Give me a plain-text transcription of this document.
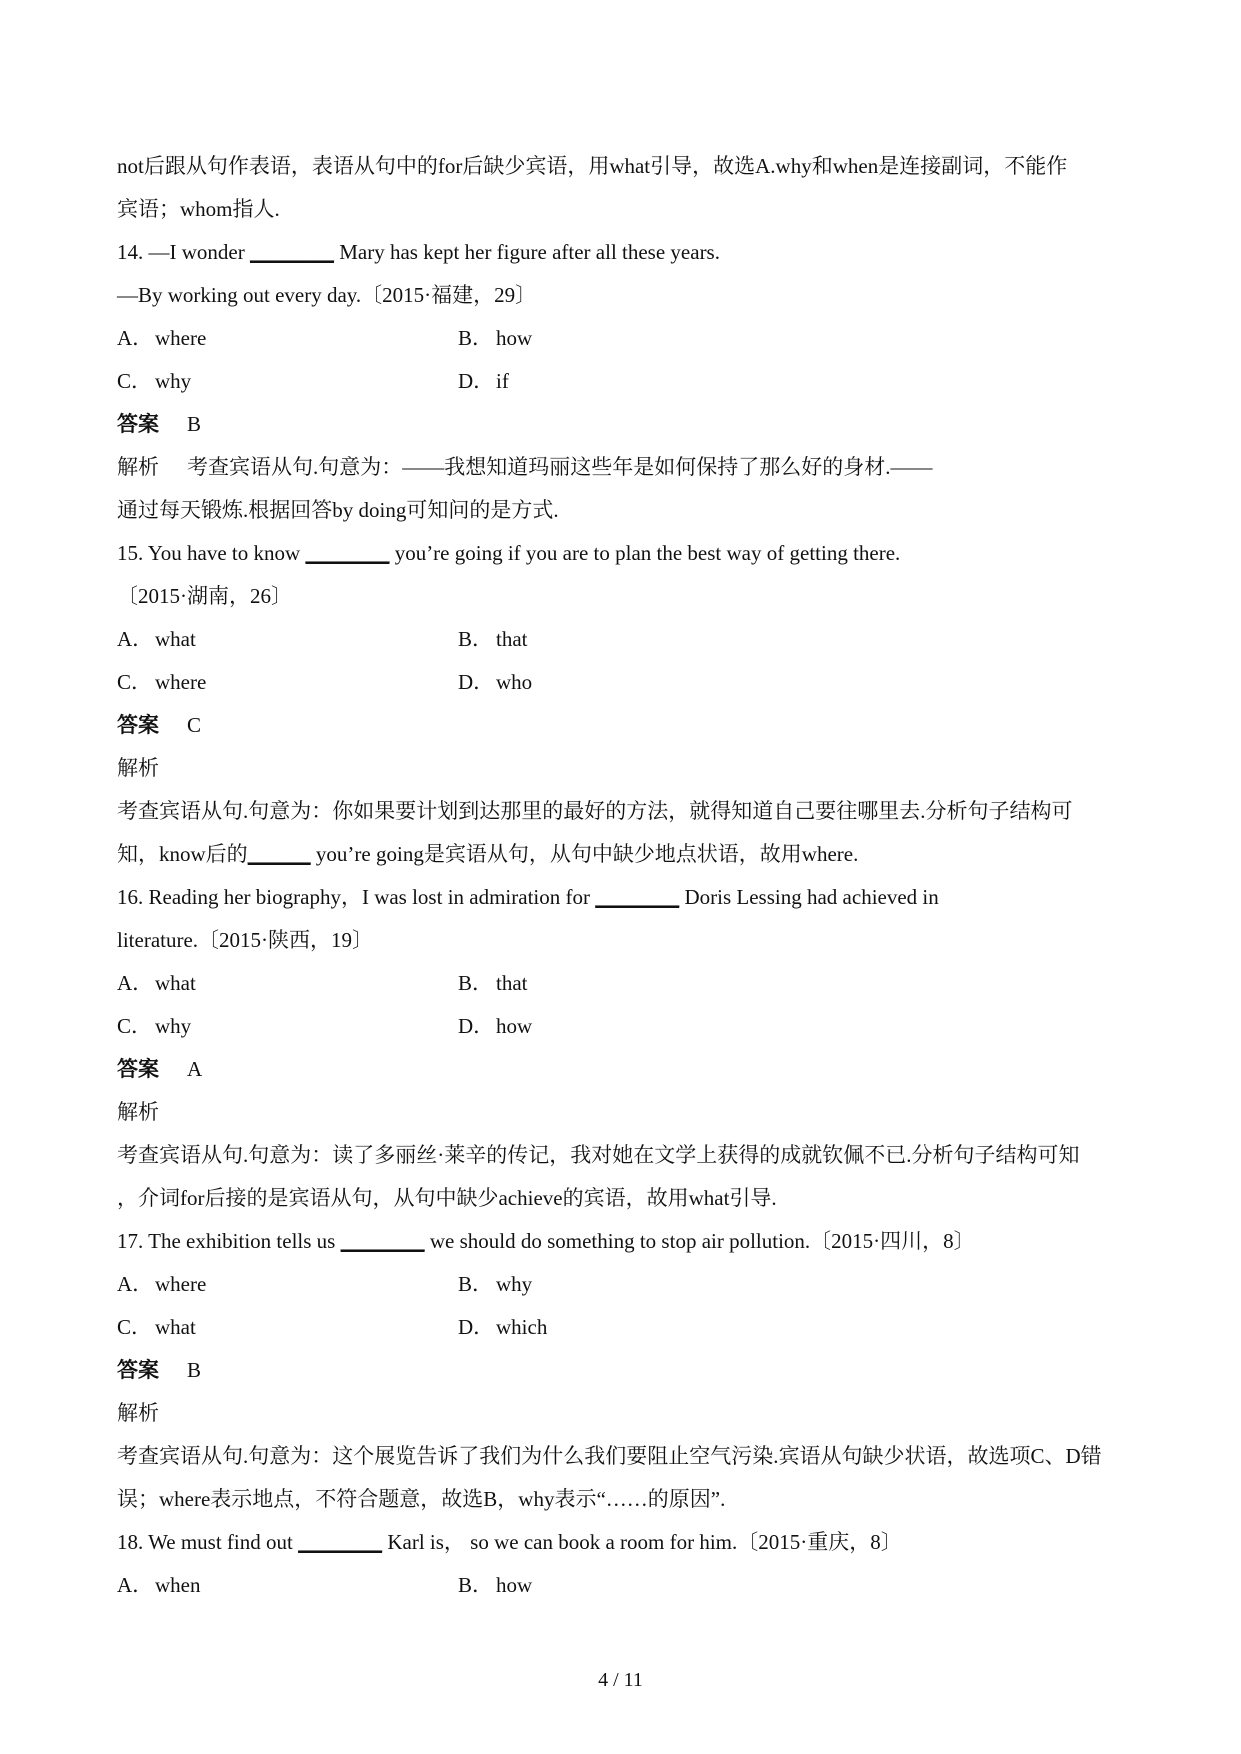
not后跟从句作表语，表语从句中的for后缺少宾语，用what引导，故选A.why和when是连接副词，不能作
宾语；whom指人.
14. —I wonder ________ Mary has kept her figure after all these years.
—By working out every day.〔2015·福建，29〕
A．where	B． how
C． why	D．if
答案 B
解析 考查宾语从句.句意为：——我想知道玛丽这些年是如何保持了那么好的身材.——
通过每天锻炼.根据回答by doing可知问的是方式.
15. You have to know ________ you’re going if you are to plan the best way of getting there.
〔2015·湖南，26〕
A．what	B． that
C． where	D．who
答案 C
解析
考查宾语从句.句意为：你如果要计划到达那里的最好的方法，就得知道自己要往哪里去.分析句子结构可
知，know后的______ you’re going是宾语从句，从句中缺少地点状语，故用where.
16. Reading her biography，I was lost in admiration for ________ Doris Lessing had achieved in
literature.〔2015·陕西，19〕
A．what	B． that
C． why	D．how
答案 A
解析
考查宾语从句.句意为：读了多丽丝·莱辛的传记，我对她在文学上获得的成就钦佩不已.分析句子结构可知
，介词for后接的是宾语从句，从句中缺少achieve的宾语，故用what引导.
17. The exhibition tells us ________ we should do something to stop air pollution.〔2015·四川，8〕
A．where	B． why
C． what	D．which
答案 B
解析
考查宾语从句.句意为：这个展览告诉了我们为什么我们要阻止空气污染.宾语从句缺少状语，故选项C、D错
误；where表示地点，不符合题意，故选B，why表示“……的原因”.
18. We must find out ________ Karl is， so we can book a room for him.〔2015·重庆，8〕
A．when	B． how
4 / 11
